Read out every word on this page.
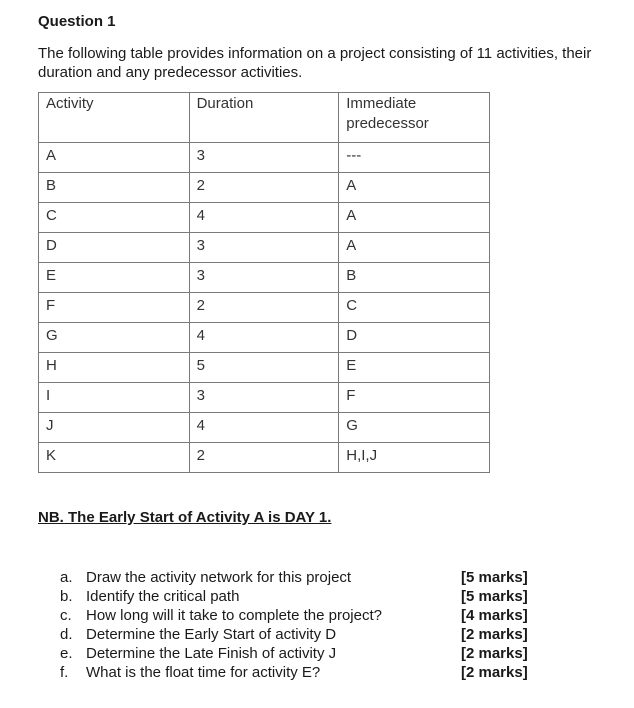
Question 1
The following table provides information on a project consisting of 11 activities, their duration and any predecessor activities.
Activity	Duration	Immediate predecessor
A	3	---
B	2	A
C	4	A
D	3	A
E	3	B
F	2	C
G	4	D
H	5	E
I	3	F
J	4	G
K	2	H,I,J
NB. The Early Start of Activity A is DAY 1.
a. Draw the activity network for this project	[5 marks]
b. Identify the critical path	[5 marks]
c. How long will it take to complete the project?	[4 marks]
d. Determine the Early Start of activity D	[2 marks]
e. Determine the Late Finish of activity J	[2 marks]
f. What is the float time for activity E?	[2 marks]
